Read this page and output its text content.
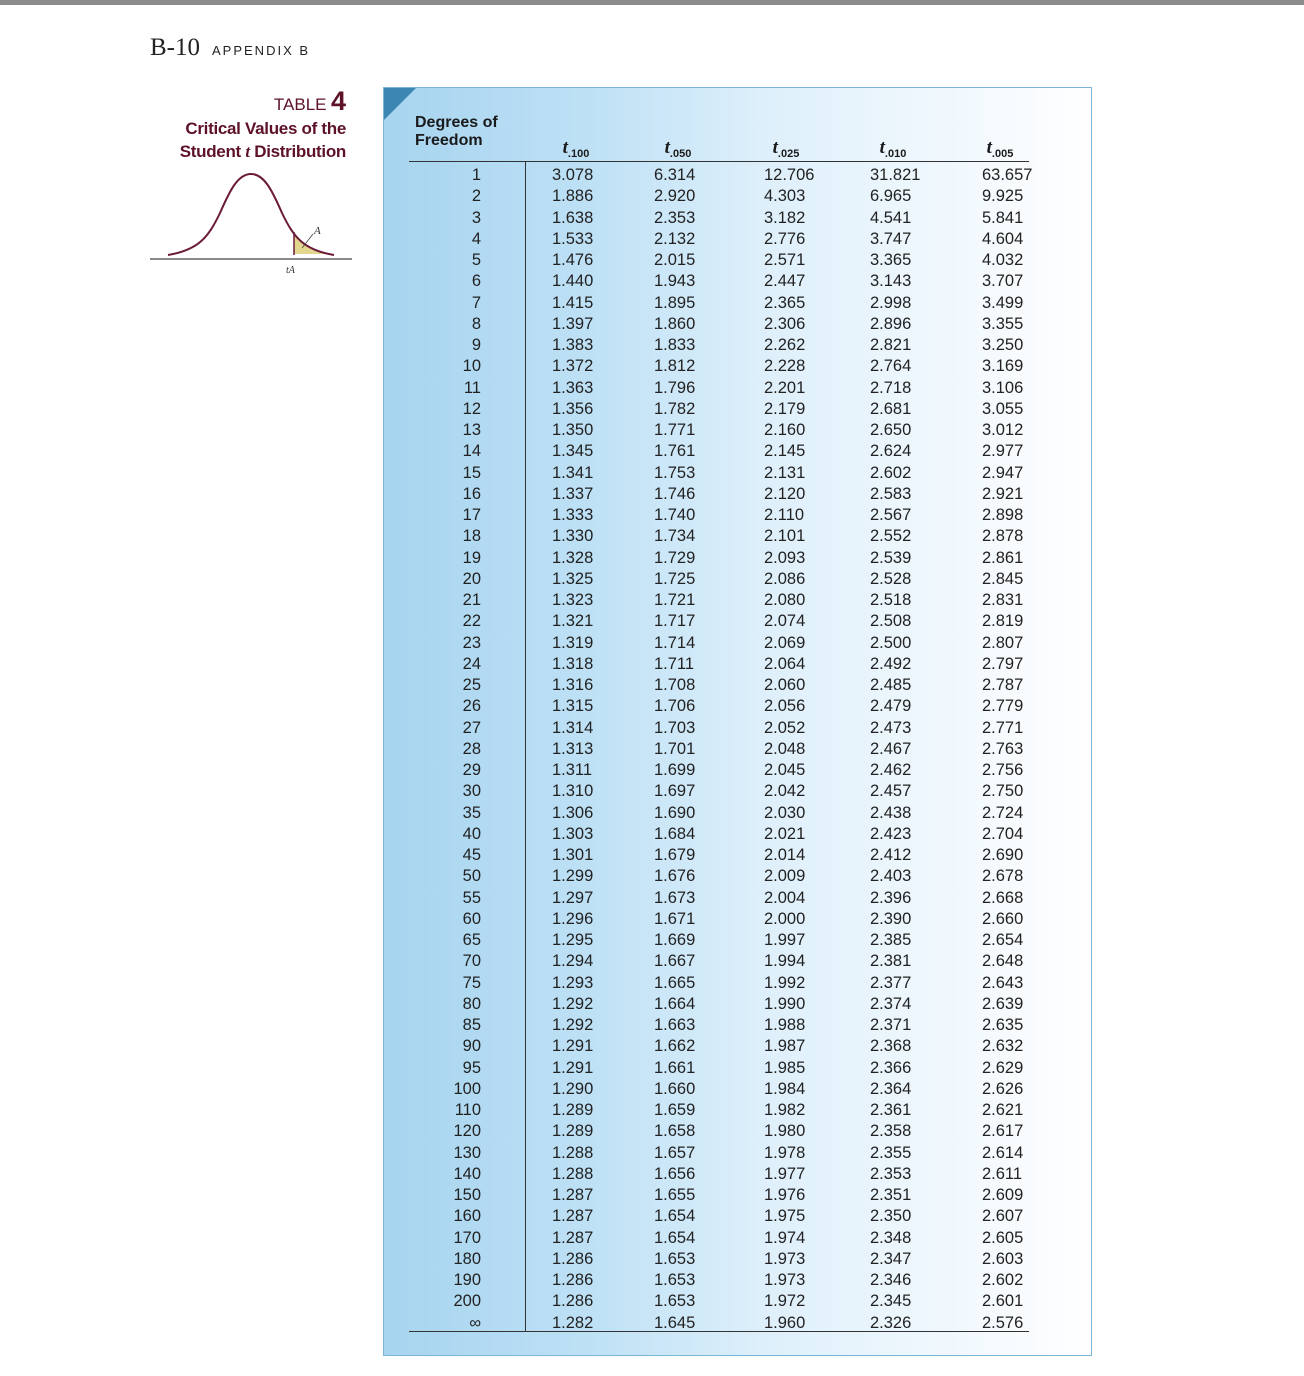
B-10 APPENDIX B
TABLE 4
Critical Values of the
Student t Distribution
A
tA
Degrees of
Freedom	$t_{.100}$	$t_{.050}$	$t_{.025}$	$t_{.010}$	$t_{.005}$
1	3.078	6.314	12.706	31.821	63.657
2	1.886	2.920	4.303	6.965	9.925
3	1.638	2.353	3.182	4.541	5.841
4	1.533	2.132	2.776	3.747	4.604
5	1.476	2.015	2.571	3.365	4.032
6	1.440	1.943	2.447	3.143	3.707
7	1.415	1.895	2.365	2.998	3.499
8	1.397	1.860	2.306	2.896	3.355
9	1.383	1.833	2.262	2.821	3.250
10	1.372	1.812	2.228	2.764	3.169
11	1.363	1.796	2.201	2.718	3.106
12	1.356	1.782	2.179	2.681	3.055
13	1.350	1.771	2.160	2.650	3.012
14	1.345	1.761	2.145	2.624	2.977
15	1.341	1.753	2.131	2.602	2.947
16	1.337	1.746	2.120	2.583	2.921
17	1.333	1.740	2.110	2.567	2.898
18	1.330	1.734	2.101	2.552	2.878
19	1.328	1.729	2.093	2.539	2.861
20	1.325	1.725	2.086	2.528	2.845
21	1.323	1.721	2.080	2.518	2.831
22	1.321	1.717	2.074	2.508	2.819
23	1.319	1.714	2.069	2.500	2.807
24	1.318	1.711	2.064	2.492	2.797
25	1.316	1.708	2.060	2.485	2.787
26	1.315	1.706	2.056	2.479	2.779
27	1.314	1.703	2.052	2.473	2.771
28	1.313	1.701	2.048	2.467	2.763
29	1.311	1.699	2.045	2.462	2.756
30	1.310	1.697	2.042	2.457	2.750
35	1.306	1.690	2.030	2.438	2.724
40	1.303	1.684	2.021	2.423	2.704
45	1.301	1.679	2.014	2.412	2.690
50	1.299	1.676	2.009	2.403	2.678
55	1.297	1.673	2.004	2.396	2.668
60	1.296	1.671	2.000	2.390	2.660
65	1.295	1.669	1.997	2.385	2.654
70	1.294	1.667	1.994	2.381	2.648
75	1.293	1.665	1.992	2.377	2.643
80	1.292	1.664	1.990	2.374	2.639
85	1.292	1.663	1.988	2.371	2.635
90	1.291	1.662	1.987	2.368	2.632
95	1.291	1.661	1.985	2.366	2.629
100	1.290	1.660	1.984	2.364	2.626
110	1.289	1.659	1.982	2.361	2.621
120	1.289	1.658	1.980	2.358	2.617
130	1.288	1.657	1.978	2.355	2.614
140	1.288	1.656	1.977	2.353	2.611
150	1.287	1.655	1.976	2.351	2.609
160	1.287	1.654	1.975	2.350	2.607
170	1.287	1.654	1.974	2.348	2.605
180	1.286	1.653	1.973	2.347	2.603
190	1.286	1.653	1.973	2.346	2.602
200	1.286	1.653	1.972	2.345	2.601
∞	1.282	1.645	1.960	2.326	2.576
